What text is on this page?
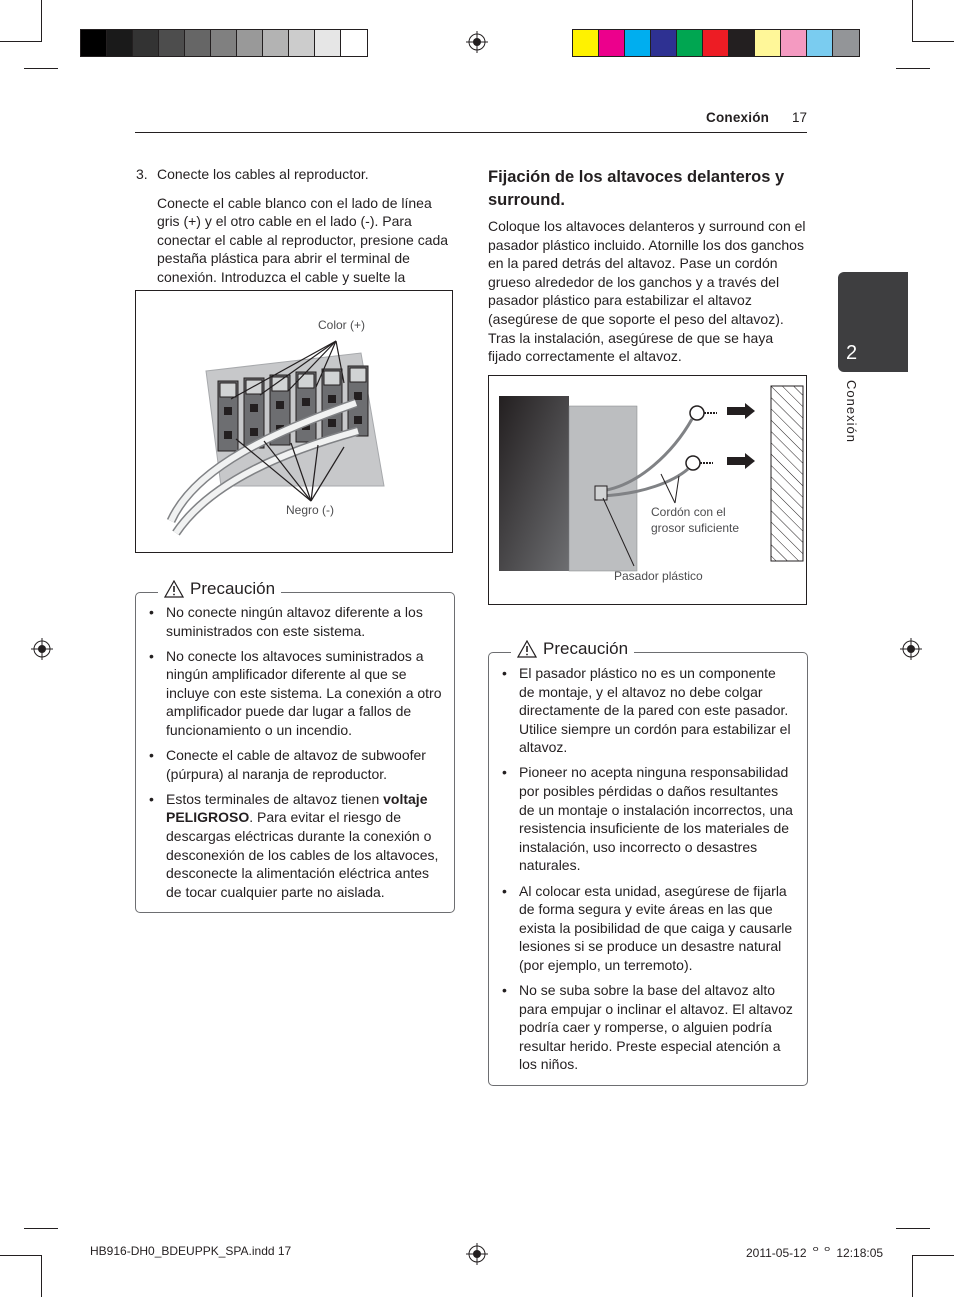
Conexión 17
2
Conexión
3. Conecte los cables al reproductor.

Conecte el cable blanco con el lado de línea gris (+) y el otro cable en el lado (-). Para conectar el cable al reproductor, presione cada pestaña plástica para abrir el terminal de conexión. Introduzca el cable y suelte la

Color (+)
Negro (-)
Precaución
• No conecte ningún altavoz diferente a los suministrados con este sistema.
• No conecte los altavoces suministrados a ningún amplificador diferente al que se incluye con este sistema. La conexión a otro amplificador puede dar lugar a fallos de funcionamiento o un incendio.
• Conecte el cable de altavoz de subwoofer (púrpura) al naranja de reproductor.
• Estos terminales de altavoz tienen voltaje PELIGROSO. Para evitar el riesgo de descargas eléctricas durante la conexión o desconexión de los cables de los altavoces, desconecte la alimentación eléctrica antes de tocar cualquier parte no aislada.
Fijación de los altavoces delanteros y surround.
Coloque los altavoces delanteros y surround con el pasador plástico incluido. Atornille los dos ganchos en la pared detrás del altavoz. Pase un cordón grueso alrededor de los ganchos y a través del pasador plástico para estabilizar el altavoz (asegúrese de que soporte el peso del altavoz). Tras la instalación, asegúrese de que se haya fijado correctamente el altavoz.
Cordón con el
grosor suficiente
Pasador plástico
Precaución
• El pasador plástico no es un componente de montaje, y el altavoz no debe colgar directamente de la pared con este pasador. Utilice siempre un cordón para estabilizar el altavoz.
• Pioneer no acepta ninguna responsabilidad por posibles pérdidas o daños resultantes de un montaje o instalación incorrectos, una resistencia insuficiente de los materiales de instalación, uso incorrecto o desastres naturales.
• Al colocar esta unidad, asegúrese de fijarla de forma segura y evite áreas en las que exista la posibilidad de que caiga y causarle lesiones si se produce un desastre natural (por ejemplo, un terremoto).
• No se suba sobre la base del altavoz alto para empujar o inclinar el altavoz. El altavoz podría caer y romperse, o alguien podría resultar herido. Preste especial atención a los niños.
HB916-DH0_BDEUPPK_SPA.indd 17	2011-05-12 ᄋᄋ 12:18:05
